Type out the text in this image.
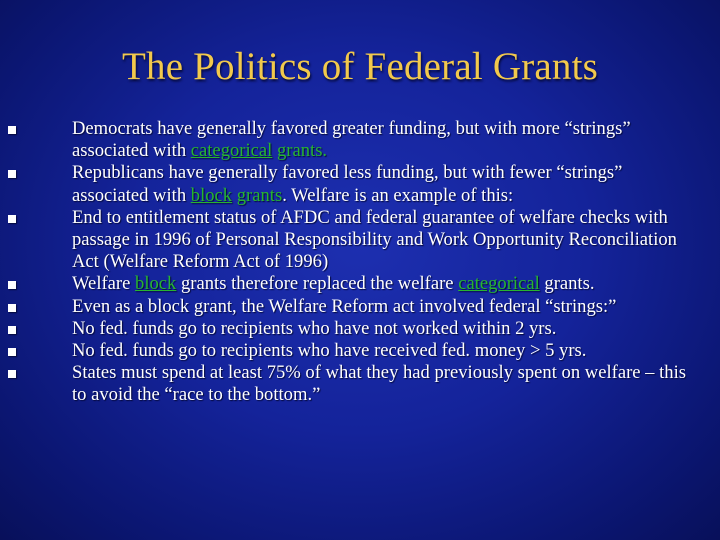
The Politics of Federal Grants
Democrats have generally favored greater funding, but with more “strings” associated with categorical grants.
Republicans have generally favored less funding, but with fewer “strings” associated with block grants. Welfare is an example of this:
End to entitlement status of AFDC and federal guarantee of welfare checks with passage in 1996 of Personal Responsibility and Work Opportunity Reconciliation Act (Welfare Reform Act of 1996)
Welfare block grants therefore replaced the welfare categorical grants.
Even as a block grant, the Welfare Reform act involved federal “strings:”
No fed. funds go to recipients who have not worked within 2 yrs.
No fed. funds go to recipients who have received fed. money > 5 yrs.
States must spend at least 75% of what they had previously spent on welfare – this to avoid the “race to the bottom.”
